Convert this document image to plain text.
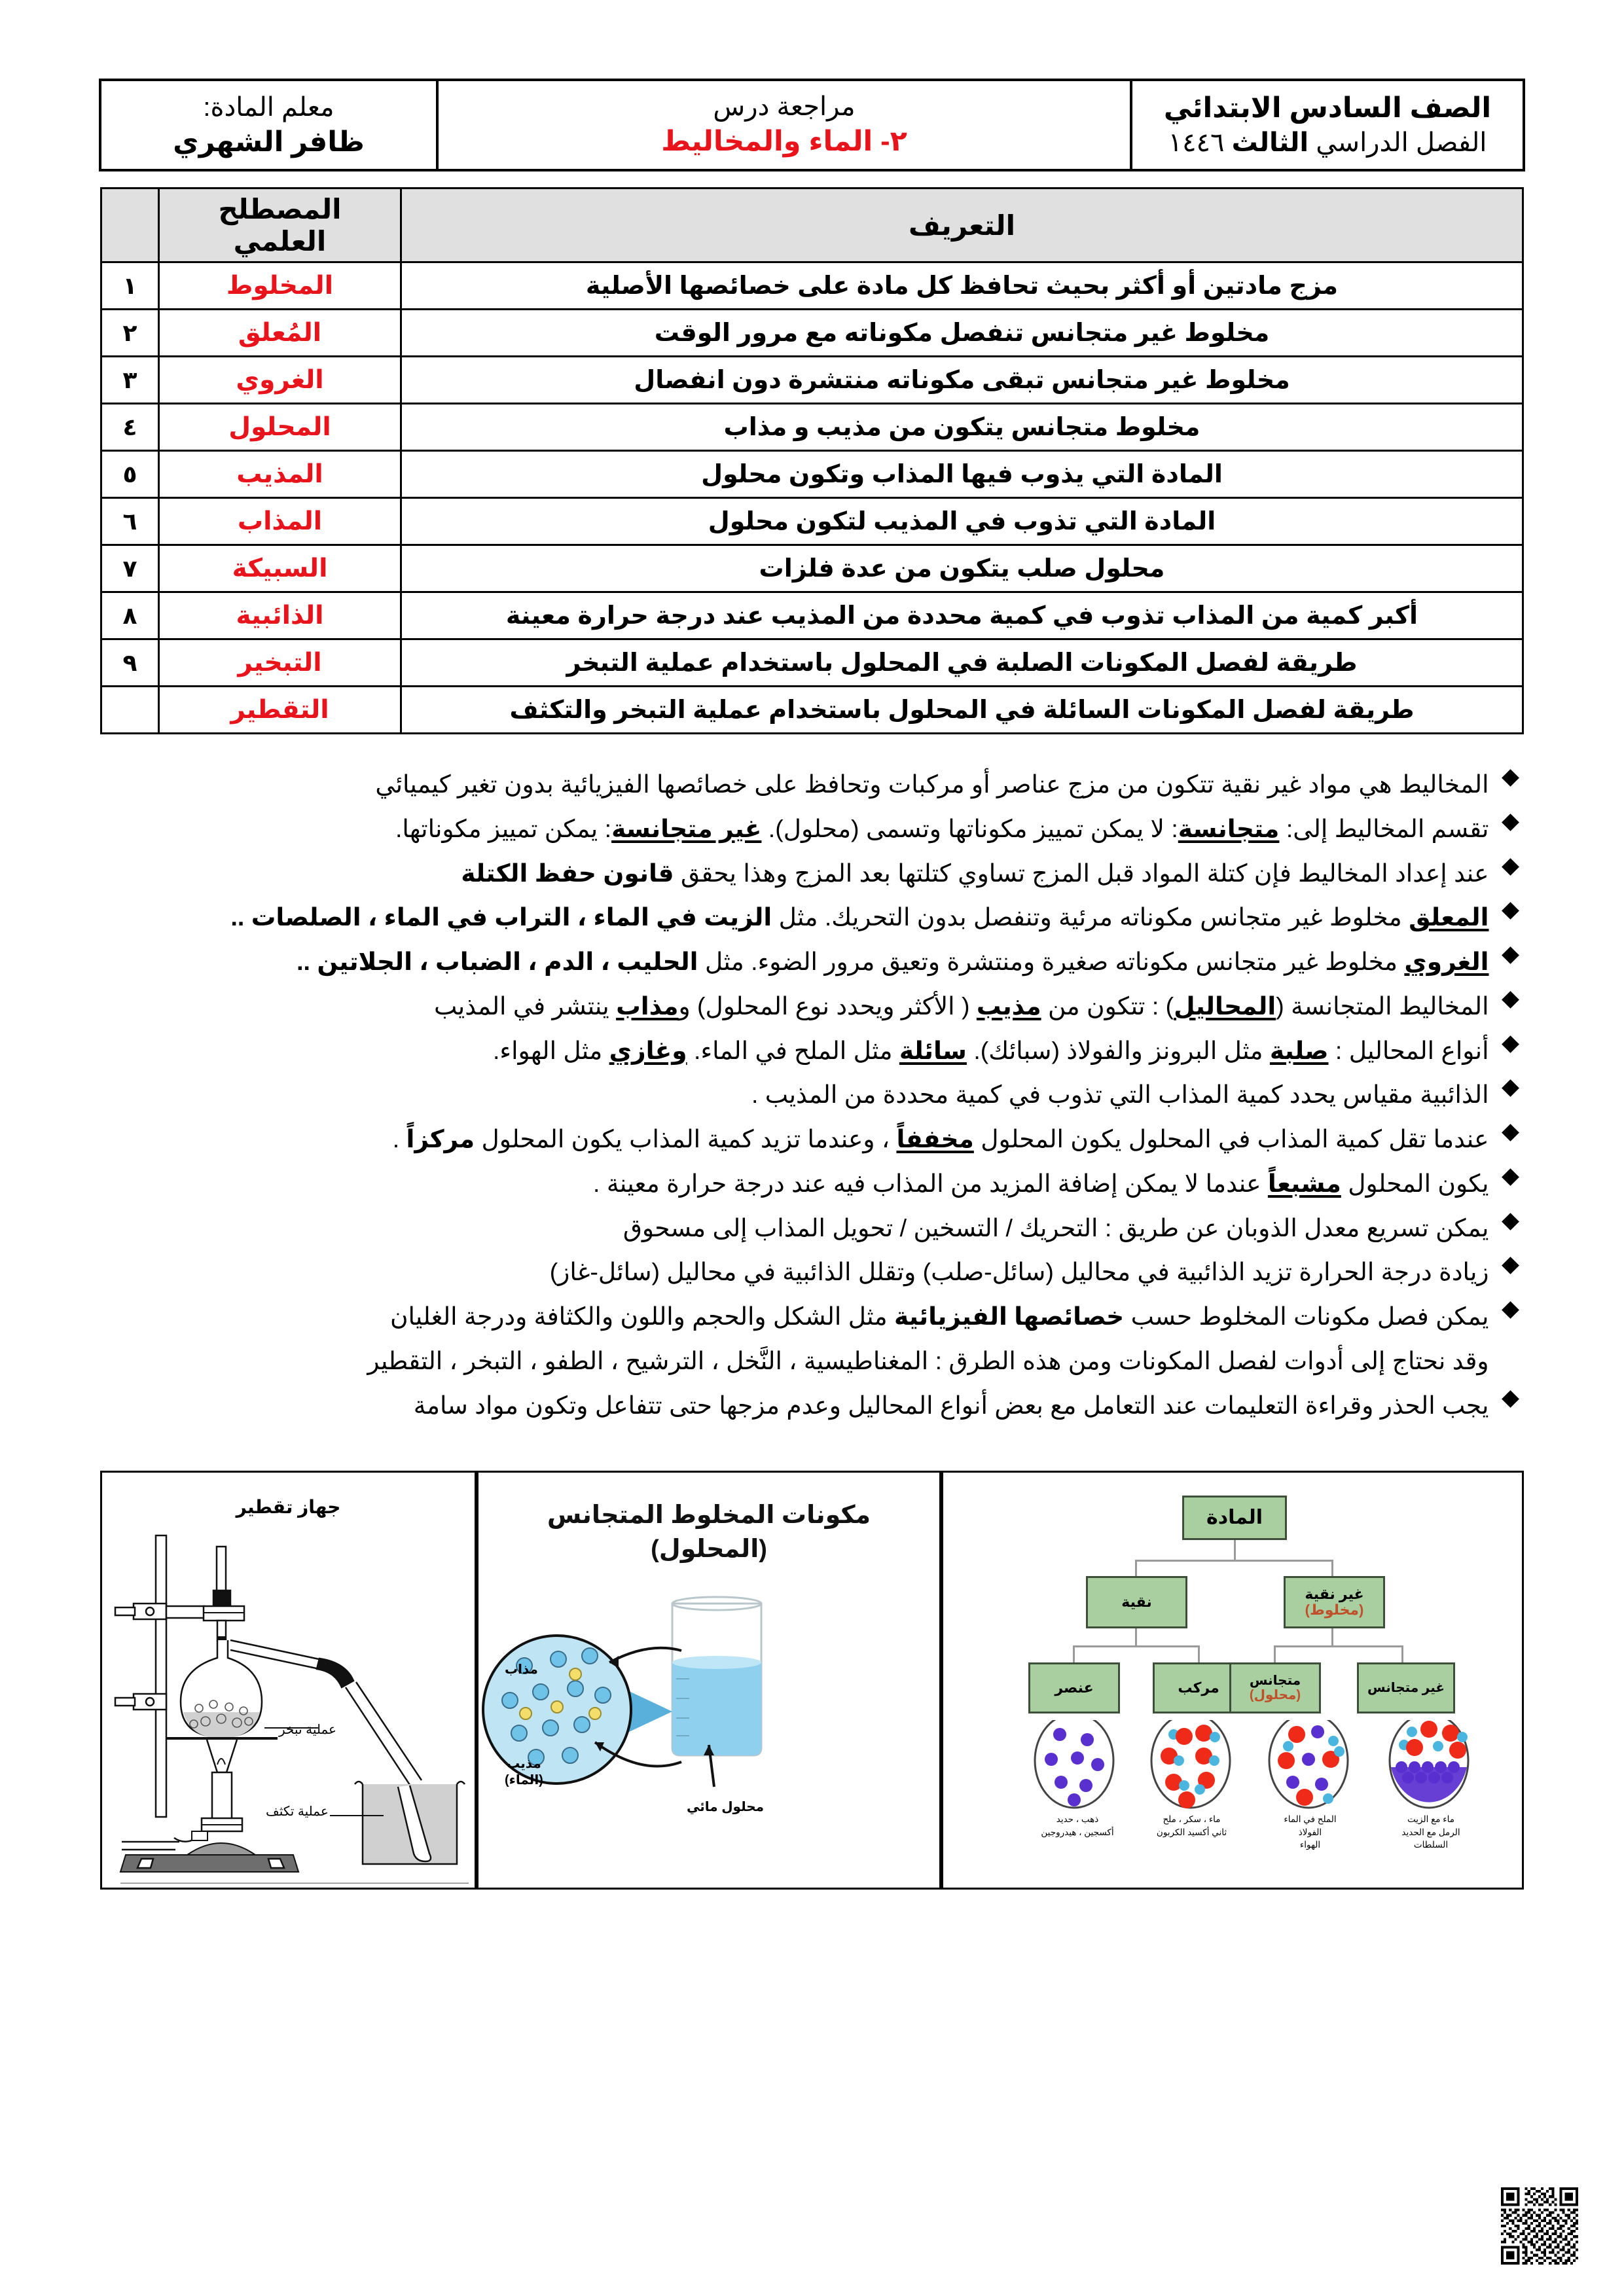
الصف السادس الابتدائي
الفصل الدراسي الثالث ١٤٤٦

مراجعة درس
٢- الماء والمخاليط

معلم المادة:
ظافر الشهري
التعريف	المصطلح العلمي	
مزج مادتين أو أكثر بحيث تحافظ كل مادة على خصائصها الأصلية	المخلوط	١
مخلوط غير متجانس تنفصل مكوناته مع مرور الوقت	المُعلق	٢
مخلوط غير متجانس تبقى مكوناته منتشرة دون انفصال	الغروي	٣
مخلوط متجانس يتكون من مذيب و مذاب	المحلول	٤
المادة التي يذوب فيها المذاب وتكون محلول	المذيب	٥
المادة التي تذوب في المذيب لتكون محلول	المذاب	٦
محلول صلب يتكون من عدة فلزات	السبيكة	٧
أكبر كمية من المذاب تذوب في كمية محددة من المذيب عند درجة حرارة معينة	الذائبية	٨
طريقة لفصل المكونات الصلبة في المحلول باستخدام عملية التبخر	التبخير	٩
طريقة لفصل المكونات السائلة في المحلول باستخدام عملية التبخر والتكثف	التقطير	

المخاليط هي مواد غير نقية تتكون من مزج عناصر أو مركبات وتحافظ على خصائصها الفيزيائية بدون تغير كيميائي

تقسم المخاليط إلى: متجانسة: لا يمكن تمييز مكوناتها وتسمى (محلول). غير متجانسة: يمكن تمييز مكوناتها.

عند إعداد المخاليط فإن كتلة المواد قبل المزج تساوي كتلتها بعد المزج وهذا يحقق قانون حفظ الكتلة

المعلق مخلوط غير متجانس مكوناته مرئية وتنفصل بدون التحريك. مثل الزيت في الماء ، التراب في الماء ، الصلصات ..

الغروي مخلوط غير متجانس مكوناته صغيرة ومنتشرة وتعيق مرور الضوء. مثل الحليب ، الدم ، الضباب ، الجلاتين ..

المخاليط المتجانسة (المحاليل) : تتكون من مذيب ( الأكثر ويحدد نوع المحلول) ومذاب ينتشر في المذيب

أنواع المحاليل : صلبة مثل البرونز والفولاذ (سبائك). سائلة مثل الملح في الماء. وغازي مثل الهواء.

الذائبية مقياس يحدد كمية المذاب التي تذوب في كمية محددة من المذيب .

عندما تقل كمية المذاب في المحلول يكون المحلول مخففاً ، وعندما تزيد كمية المذاب يكون المحلول مركزاً .

يكون المحلول مشبعاً عندما لا يمكن إضافة المزيد من المذاب فيه عند درجة حرارة معينة .

يمكن تسريع معدل الذوبان عن طريق : التحريك / التسخين / تحويل المذاب إلى مسحوق

زيادة درجة الحرارة تزيد الذائبية في محاليل (سائل-صلب) وتقلل الذائبية في محاليل (سائل-غاز)

يمكن فصل مكونات المخلوط حسب خصائصها الفيزيائية مثل الشكل والحجم واللون والكثافة ودرجة الغليان

وقد نحتاج إلى أدوات لفصل المكونات ومن هذه الطرق : المغناطيسية ، النَّخل ، الترشيح ، الطفو ، التبخر ، التقطير

يجب الحذر وقراءة التعليمات عند التعامل مع بعض أنواع المحاليل وعدم مزجها حتى تتفاعل وتكون مواد سامة

المادة
نقية	غير نقية
(مخلوط)
عنصر	مركب متجانس
(محلول)
غير متجانس
ذهب ، حديد
أكسجين ، هيدروجين
ماء ، سكر ، ملح
ثاني أكسيد الكربون
الملح في الماء
الفولاذ
الهواء
ماء مع الزيت
الرمل مع الحديد
السلطات
مكونات المخلوط المتجانس
(المحلول)
مذاب
مذيب
(الماء)
محلول مائي
جهاز تقطير
عملية تبخر
عملية تكثف
